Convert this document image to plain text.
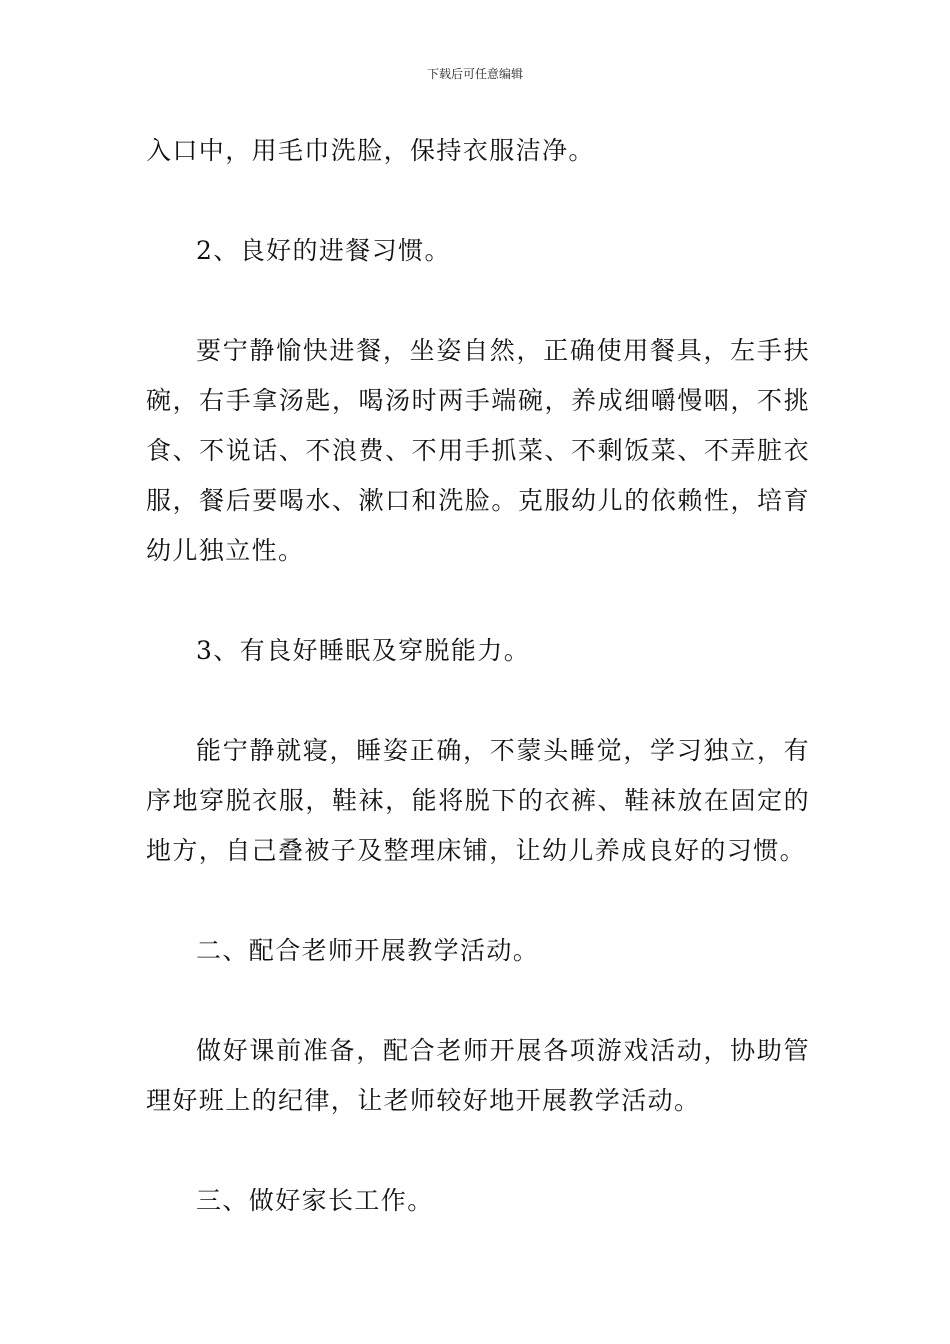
下载后可任意编辑

入口中，用毛巾洗脸，保持衣服洁净。

2、良好的进餐习惯。

要宁静愉快进餐，坐姿自然，正确使用餐具，左手扶碗，右手拿汤匙，喝汤时两手端碗，养成细嚼慢咽，不挑食、不说话、不浪费、不用手抓菜、不剩饭菜、不弄脏衣服，餐后要喝水、漱口和洗脸。克服幼儿的依赖性，培育幼儿独立性。

3、有良好睡眠及穿脱能力。

能宁静就寝，睡姿正确，不蒙头睡觉，学习独立，有序地穿脱衣服，鞋袜，能将脱下的衣裤、鞋袜放在固定的地方，自己叠被子及整理床铺，让幼儿养成良好的习惯。

二、配合老师开展教学活动。

做好课前准备，配合老师开展各项游戏活动，协助管理好班上的纪律，让老师较好地开展教学活动。

三、做好家长工作。
